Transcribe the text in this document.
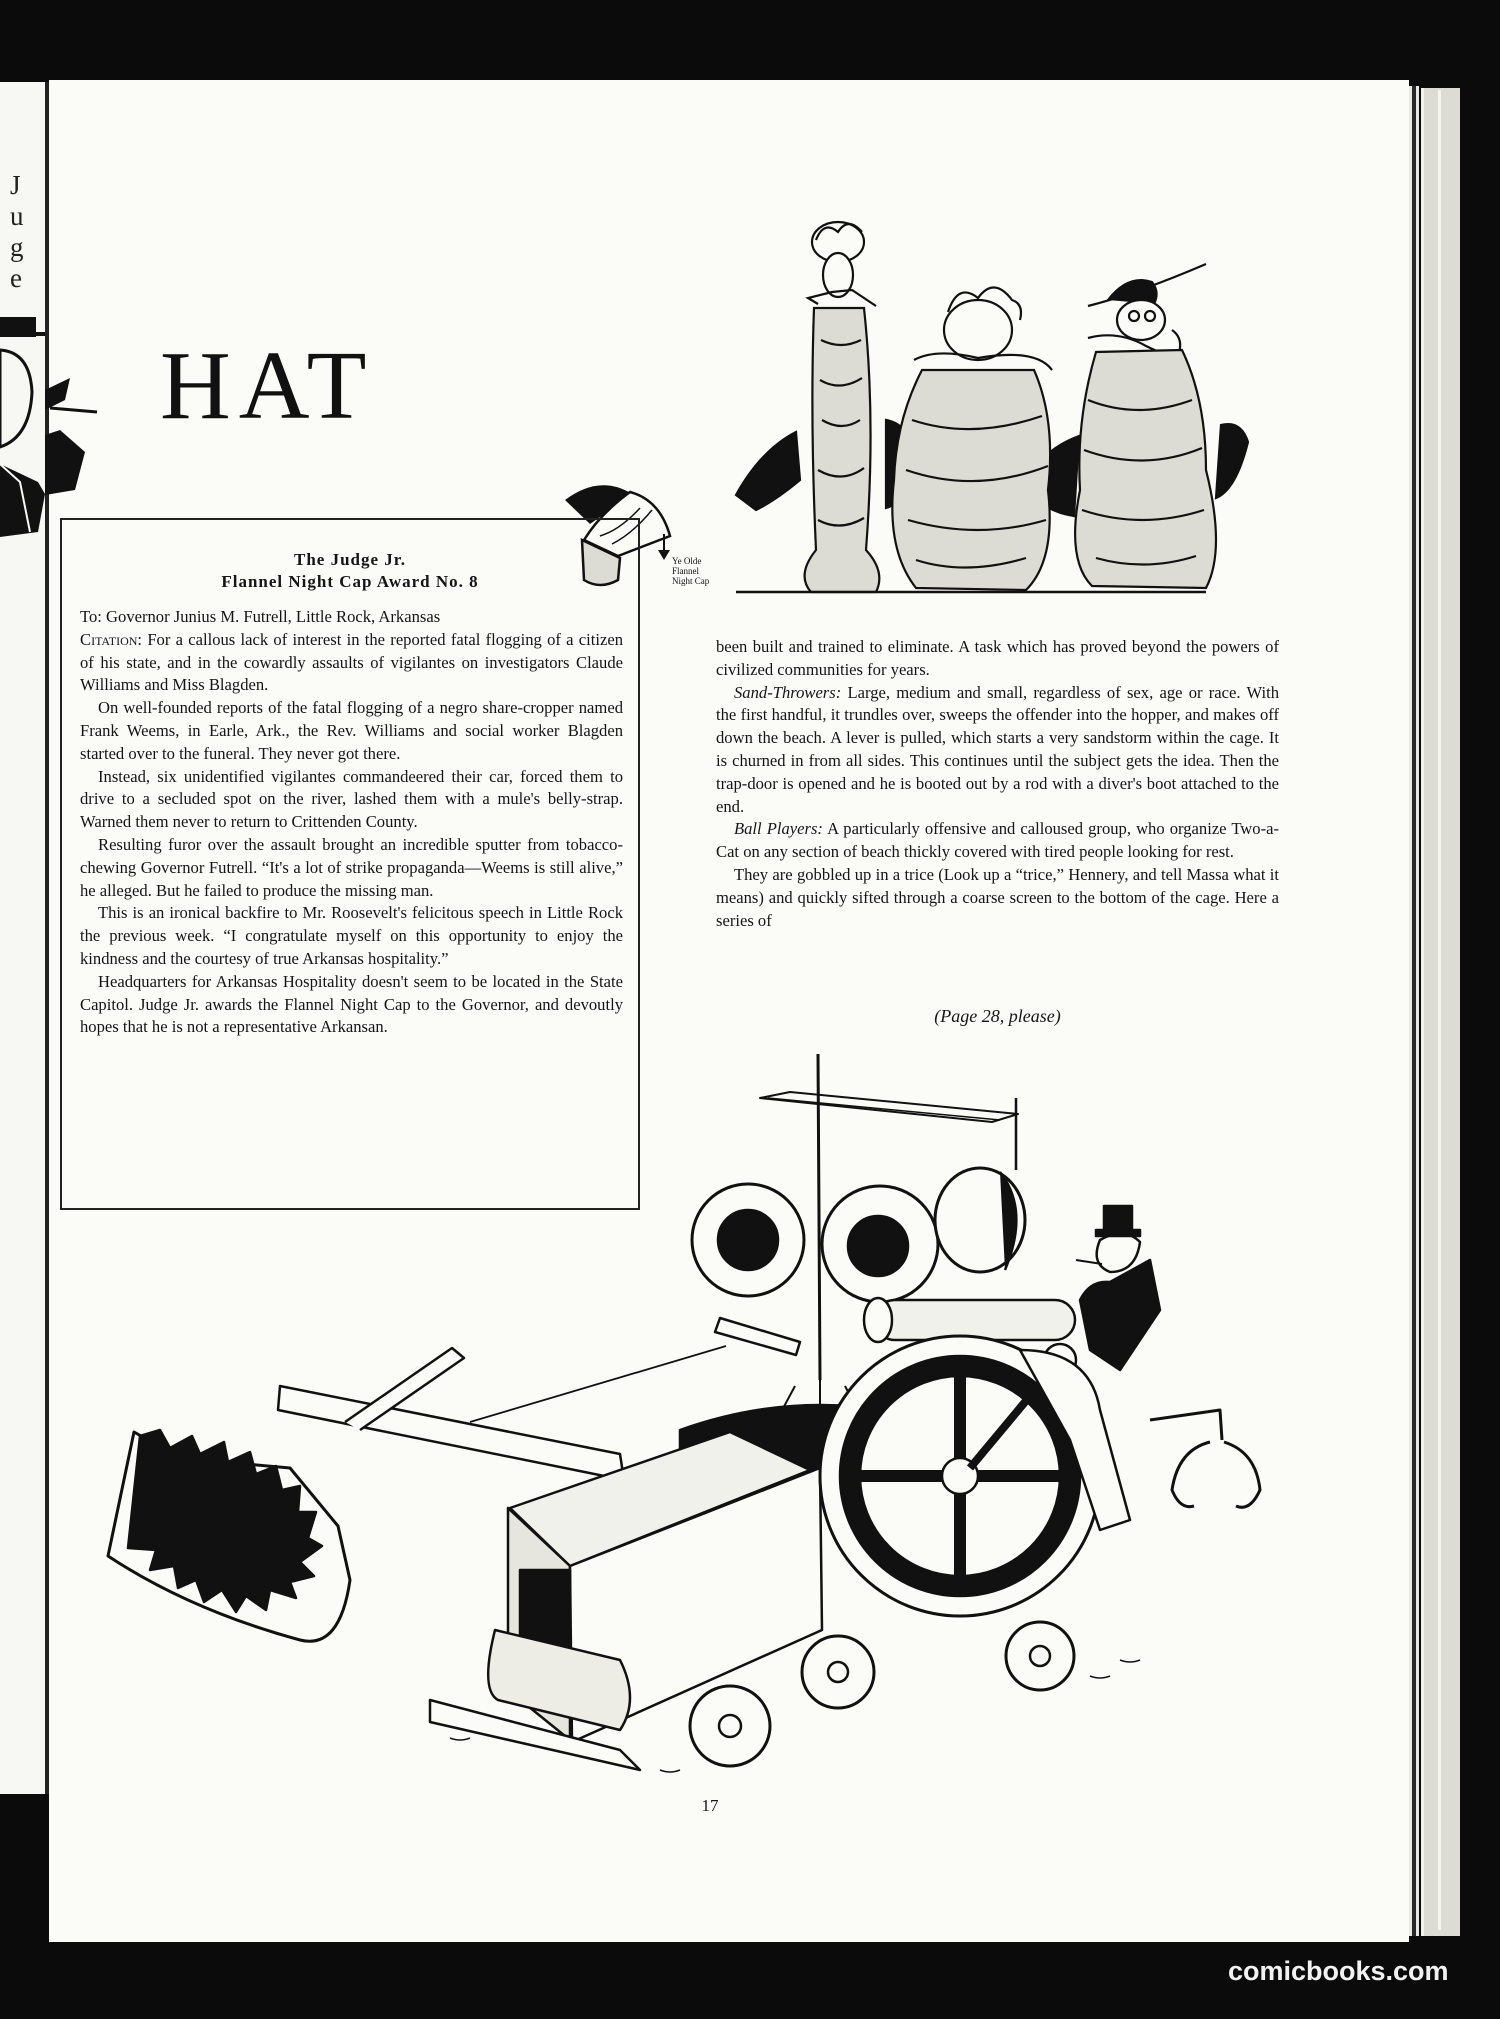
J u g e
HAT
Ye Olde
Flannel
Night Cap
The Judge Jr.
Flannel Night Cap Award No. 8

To: Governor Junius M. Futrell, Little Rock, Arkansas

Citation: For a callous lack of interest in the reported fatal flogging of a citizen of his state, and in the cowardly assaults of vigilantes on investigators Claude Williams and Miss Blagden.

On well-founded reports of the fatal flogging of a negro share-cropper named Frank Weems, in Earle, Ark., the Rev. Williams and social worker Blagden started over to the funeral. They never got there.

Instead, six unidentified vigilantes commandeered their car, forced them to drive to a secluded spot on the river, lashed them with a mule's belly-strap. Warned them never to return to Crittenden County.

Resulting furor over the assault brought an incredible sputter from tobacco-chewing Governor Futrell. “It's a lot of strike propaganda—Weems is still alive,” he alleged. But he failed to produce the missing man.

This is an ironical backfire to Mr. Roosevelt's felicitous speech in Little Rock the previous week. “I congratulate myself on this opportunity to enjoy the kindness and the courtesy of true Arkansas hospitality.”

Headquarters for Arkansas Hospitality doesn't seem to be located in the State Capitol. Judge Jr. awards the Flannel Night Cap to the Governor, and devoutly hopes that he is not a representative Arkansan.

been built and trained to eliminate. A task which has proved beyond the powers of civilized communities for years.

Sand-Throwers: Large, medium and small, regardless of sex, age or race. With the first handful, it trundles over, sweeps the offender into the hopper, and makes off down the beach. A lever is pulled, which starts a very sandstorm within the cage. It is churned in from all sides. This continues until the subject gets the idea. Then the trap-door is opened and he is booted out by a rod with a diver's boot attached to the end.

Ball Players: A particularly offensive and calloused group, who organize Two-a-Cat on any section of beach thickly covered with tired people looking for rest.

They are gobbled up in a trice (Look up a “trice,” Hennery, and tell Massa what it means) and quickly sifted through a coarse screen to the bottom of the cage. Here a series of

(Page 28, please)
17
comicbooks.com
